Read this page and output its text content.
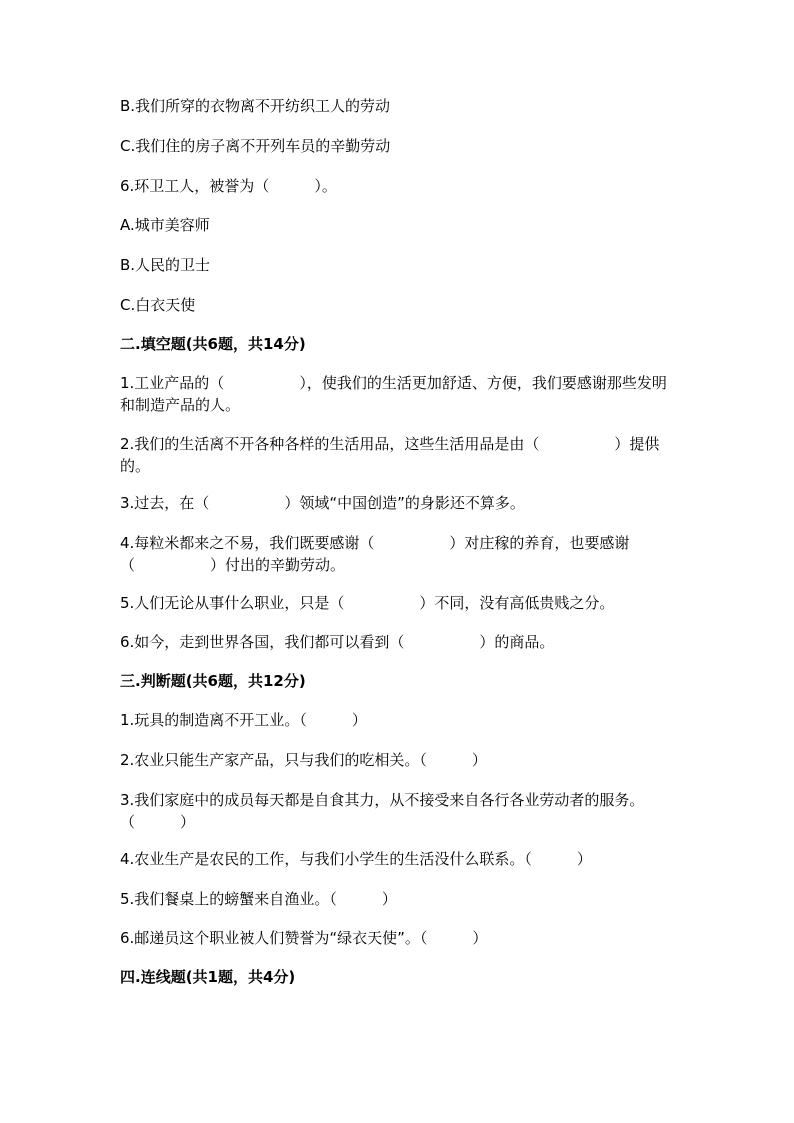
B.我们所穿的衣物离不开纺织工人的劳动
C.我们住的房子离不开列车员的辛勤劳动
6.环卫工人，被誉为（　　　）。
A.城市美容师
B.人民的卫士
C.白衣天使
二.填空题(共6题，共14分)
1.工业产品的（　　　　　），使我们的生活更加舒适、方便，我们要感谢那些发明和制造产品的人。
2.我们的生活离不开各种各样的生活用品，这些生活用品是由（　　　　　）提供的。
3.过去，在（　　　　　）领域“中国创造”的身影还不算多。
4.每粒米都来之不易，我们既要感谢（　　　　　）对庄稼的养育，也要感谢（　　　　　）付出的辛勤劳动。
5.人们无论从事什么职业，只是（　　　　　）不同，没有高低贵贱之分。
6.如今，走到世界各国，我们都可以看到（　　　　　）的商品。
三.判断题(共6题，共12分)
1.玩具的制造离不开工业。（　　　）
2.农业只能生产家产品，只与我们的吃相关。（　　　）
3.我们家庭中的成员每天都是自食其力，从不接受来自各行各业劳动者的服务。（　　　）
4.农业生产是农民的工作，与我们小学生的生活没什么联系。（　　　）
5.我们餐桌上的螃蟹来自渔业。（　　　）
6.邮递员这个职业被人们赞誉为“绿衣天使”。（　　　）
四.连线题(共1题，共4分)
